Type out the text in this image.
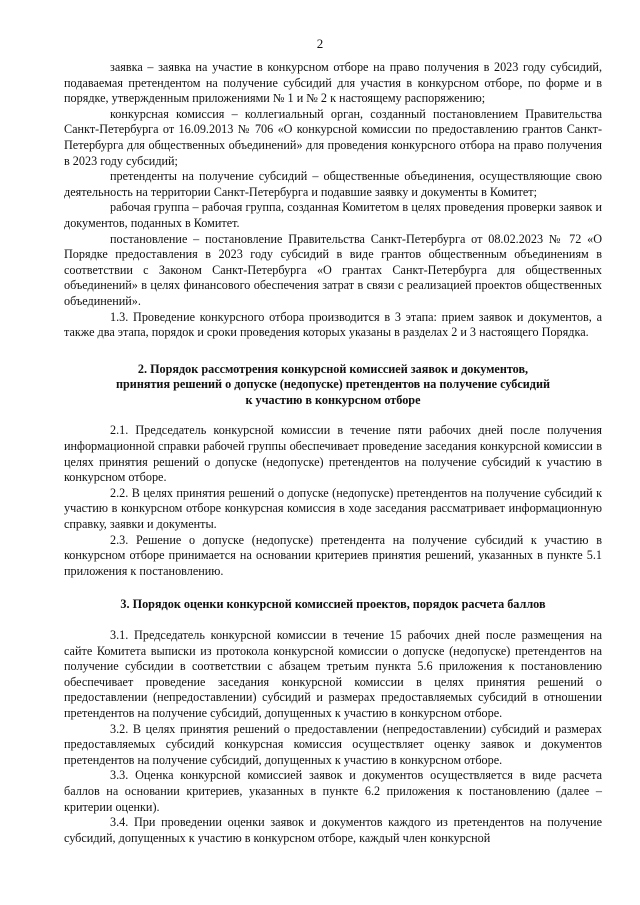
2

заявка – заявка на участие в конкурсном отборе на право получения в 2023 году субсидий, подаваемая претендентом на получение субсидий для участия в конкурсном отборе, по форме и в порядке, утвержденным приложениями № 1 и № 2 к настоящему распоряжению;

конкурсная комиссия – коллегиальный орган, созданный постановлением Правительства Санкт-Петербурга от 16.09.2013 № 706 «О конкурсной комиссии по предоставлению грантов Санкт-Петербурга для общественных объединений» для проведения конкурсного отбора на право получения в 2023 году субсидий;

претенденты на получение субсидий – общественные объединения, осуществляющие свою деятельность на территории Санкт-Петербурга и подавшие заявку и документы в Комитет;

рабочая группа – рабочая группа, созданная Комитетом в целях проведения проверки заявок и документов, поданных в Комитет.

постановление – постановление Правительства Санкт-Петербурга от 08.02.2023 № 72 «О Порядке предоставления в 2023 году субсидий в виде грантов общественным объединениям в соответствии с Законом Санкт-Петербурга «О грантах Санкт-Петербурга для общественных объединений» в целях финансового обеспечения затрат в связи с реализацией проектов общественных объединений».

1.3. Проведение конкурсного отбора производится в 3 этапа: прием заявок и документов, а также два этапа, порядок и сроки проведения которых указаны в разделах 2 и 3 настоящего Порядка.

2. Порядок рассмотрения конкурсной комиссией заявок и документов,
принятия решений о допуске (недопуске) претендентов на получение субсидий
к участию в конкурсном отборе

2.1. Председатель конкурсной комиссии в течение пяти рабочих дней после получения информационной справки рабочей группы обеспечивает проведение заседания конкурсной комиссии в целях принятия решений о допуске (недопуске) претендентов на получение субсидий к участию в конкурсном отборе.

2.2. В целях принятия решений о допуске (недопуске) претендентов на получение субсидий к участию в конкурсном отборе конкурсная комиссия в ходе заседания рассматривает информационную справку, заявки и документы.

2.3. Решение о допуске (недопуске) претендента на получение субсидий к участию в конкурсном отборе принимается на основании критериев принятия решений, указанных в пункте 5.1 приложения к постановлению.

3. Порядок оценки конкурсной комиссией проектов, порядок расчета баллов

3.1. Председатель конкурсной комиссии в течение 15 рабочих дней после размещения на сайте Комитета выписки из протокола конкурсной комиссии о допуске (недопуске) претендентов на получение субсидии в соответствии с абзацем третьим пункта 5.6 приложения к постановлению обеспечивает проведение заседания конкурсной комиссии в целях принятия решений о предоставлении (непредоставлении) субсидий и размерах предоставляемых субсидий в отношении претендентов на получение субсидий, допущенных к участию в конкурсном отборе.

3.2. В целях принятия решений о предоставлении (непредоставлении) субсидий и размерах предоставляемых субсидий конкурсная комиссия осуществляет оценку заявок и документов претендентов на получение субсидий, допущенных к участию в конкурсном отборе.

3.3. Оценка конкурсной комиссией заявок и документов осуществляется в виде расчета баллов на основании критериев, указанных в пункте 6.2 приложения к постановлению (далее – критерии оценки).

3.4. При проведении оценки заявок и документов каждого из претендентов на получение субсидий, допущенных к участию в конкурсном отборе, каждый член конкурсной
